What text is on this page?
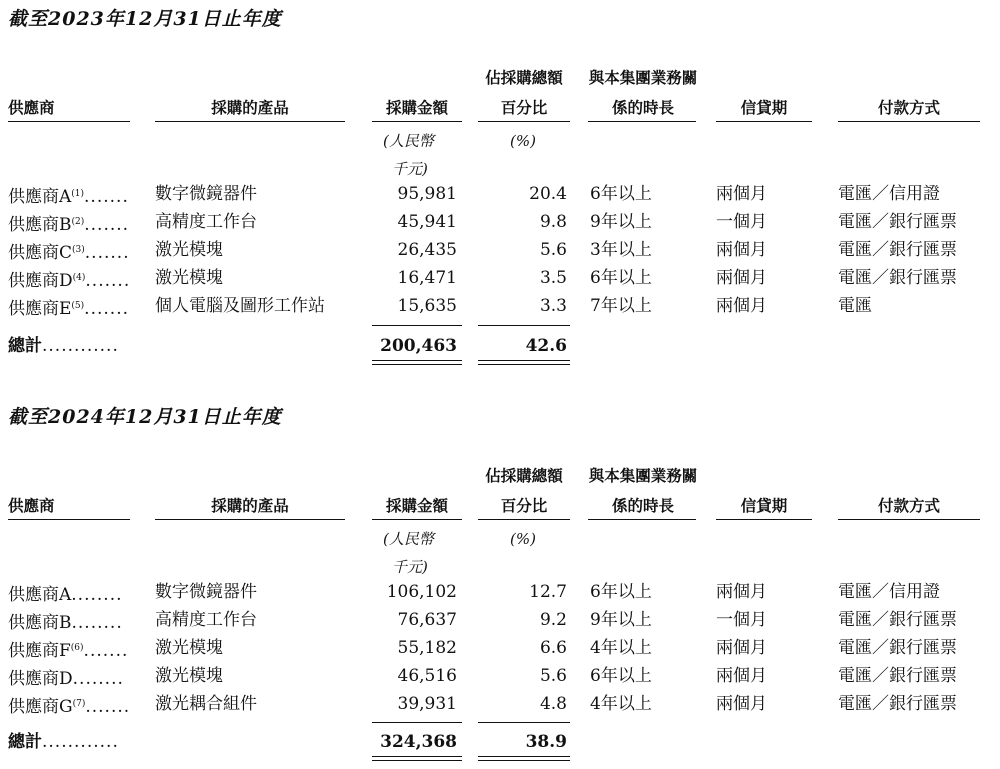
截至2023年12月31日止年度
佔採購總額	與本集團業務關
供應商	採購的產品	採購金額	百分比	係的時長	信貸期	付款方式
(人民幣	(%)
千元)
供應商$A^{(1)}$....... 數字微鏡器件	95,981	20.4 6年以上	兩個月	電匯／信用證
供應商$B^{(2)}$....... 高精度工作台	45,941	9.8 9年以上	一個月	電匯／銀行匯票
供應商$C^{(3)}$....... 激光模塊	26,435	5.6 3年以上	兩個月	電匯／銀行匯票
供應商$D^{(4)}$....... 激光模塊	16,471	3.5 6年以上	兩個月	電匯／銀行匯票
供應商$E^{(5)}$....... 個人電腦及圖形工作站	15,635	3.3 7年以上	兩個月	電匯
總計............	200,463	42.6
截至2024年12月31日止年度
佔採購總額	與本集團業務關
供應商	採購的產品	採購金額	百分比	係的時長	信貸期	付款方式
(人民幣	(%)
千元)
供應商A........ 數字微鏡器件	106,102	12.7 6年以上	兩個月	電匯／信用證
供應商B........ 高精度工作台	76,637	9.2 9年以上	一個月	電匯／銀行匯票
供應商$F^{(6)}$....... 激光模塊	55,182	6.6 4年以上	兩個月	電匯／銀行匯票
供應商D........ 激光模塊	46,516	5.6 6年以上	兩個月	電匯／銀行匯票
供應商$G^{(7)}$....... 激光耦合組件	39,931	4.8 4年以上	兩個月	電匯／銀行匯票
總計............	324,368	38.9
